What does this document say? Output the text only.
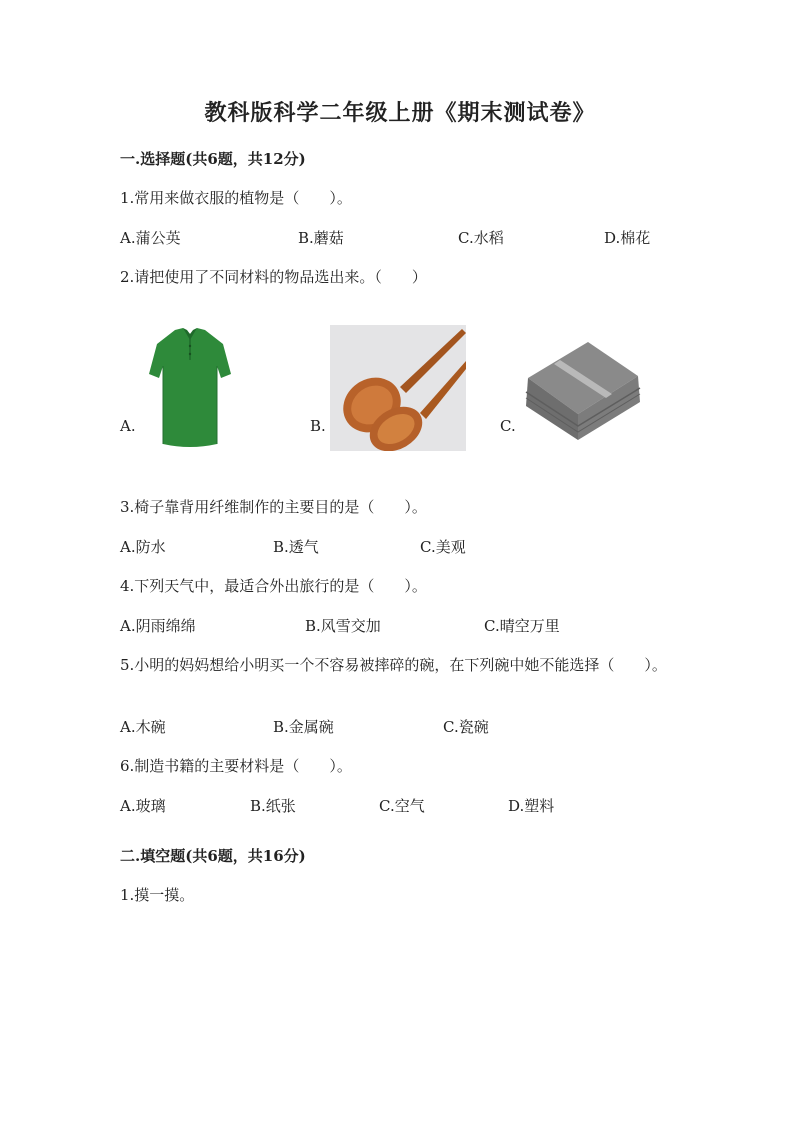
教科版科学二年级上册《期末测试卷》
一.选择题(共6题，共12分)
1.常用来做衣服的植物是（　　）。
A.蒲公英	B.蘑菇	C.水稻	D.棉花
2.请把使用了不同材料的物品选出来。（　　）
A.	B.	C.
3.椅子靠背用纤维制作的主要目的是（　　）。
A.防水	B.透气	C.美观
4.下列天气中，最适合外出旅行的是（　　）。
A.阴雨绵绵	B.风雪交加	C.晴空万里
5.小明的妈妈想给小明买一个不容易被摔碎的碗，在下列碗中她不能选择（　　）。
A.木碗	B.金属碗	C.瓷碗
6.制造书籍的主要材料是（　　）。
A.玻璃	B.纸张	C.空气	D.塑料
二.填空题(共6题，共16分)
1.摸一摸。
